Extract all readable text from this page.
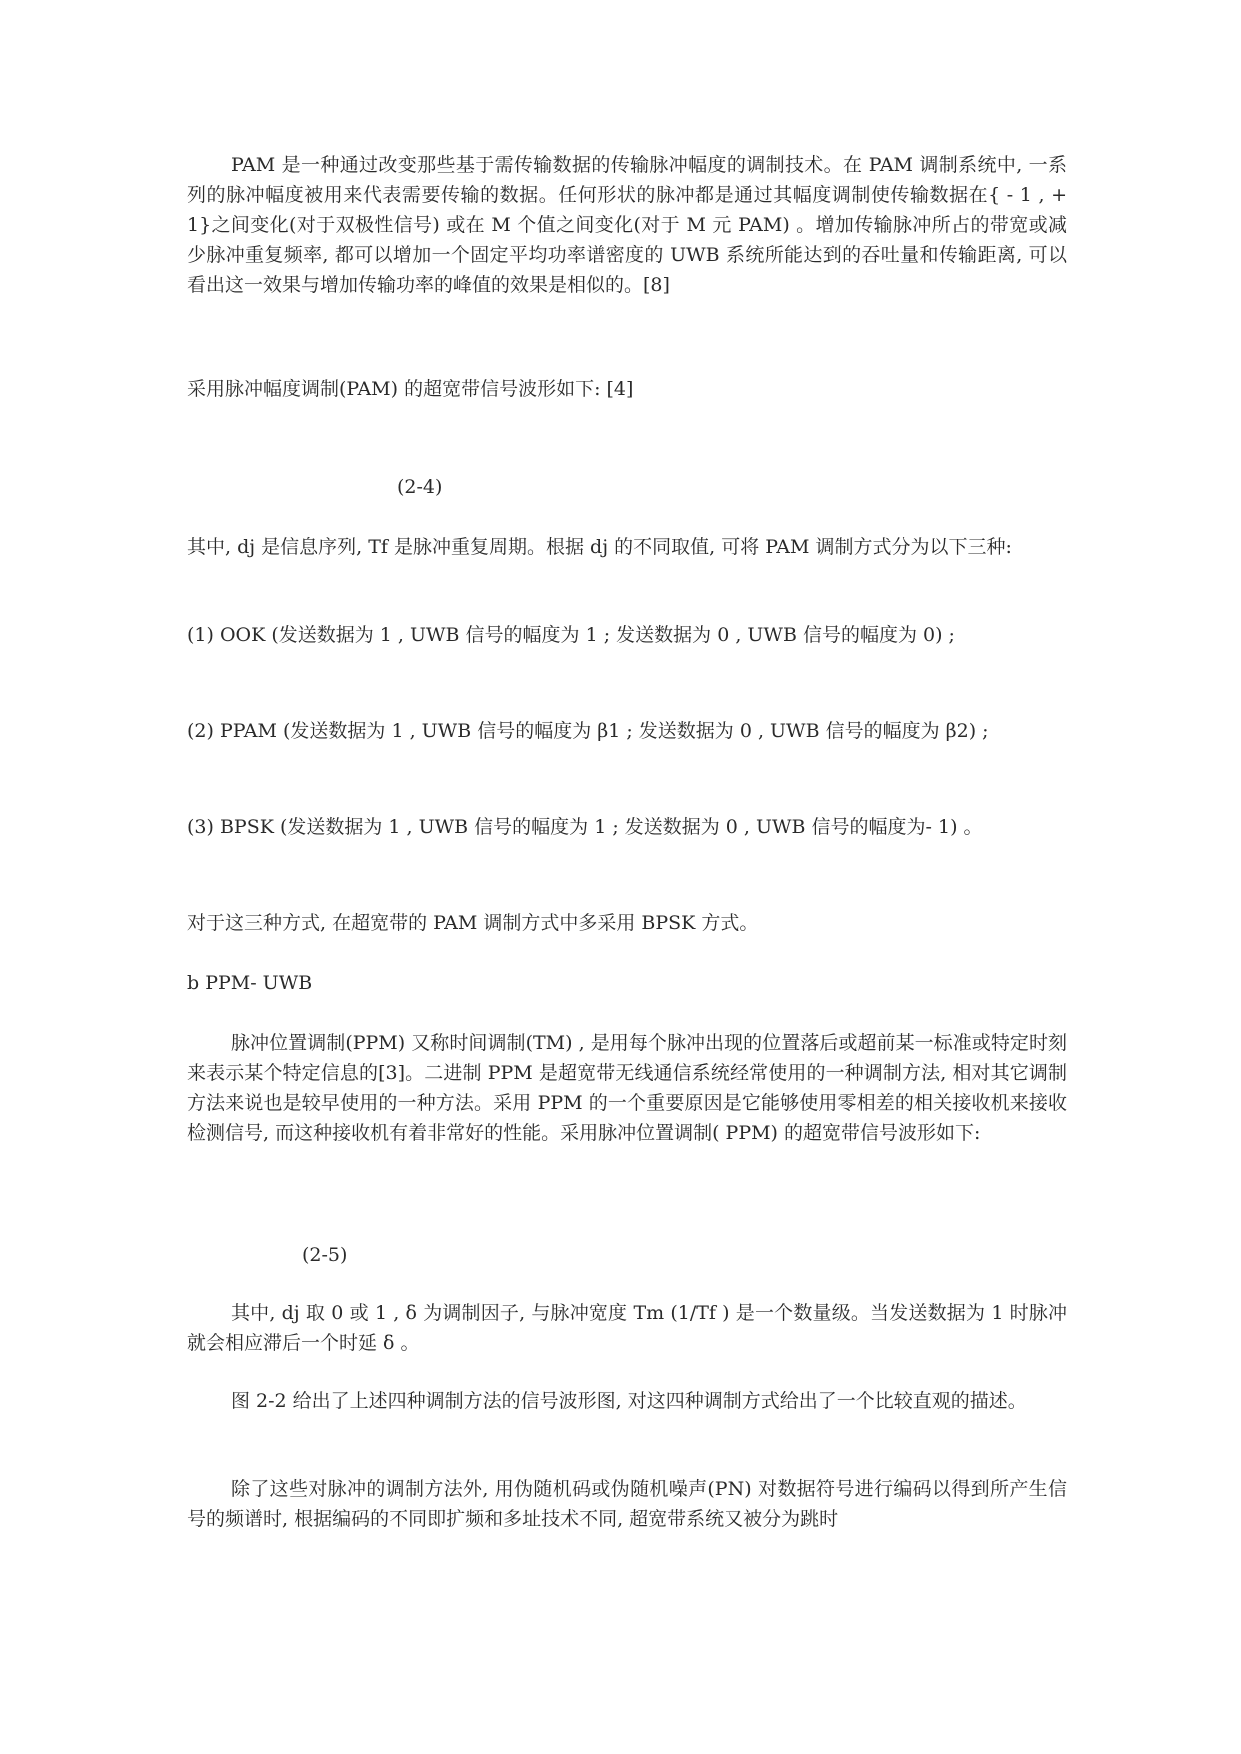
PAM 是一种通过改变那些基于需传输数据的传输脉冲幅度的调制技术。在 PAM 调制系统中, 一系列的脉冲幅度被用来代表需要传输的数据。任何形状的脉冲都是通过其幅度调制使传输数据在{ - 1 , + 1}之间变化(对于双极性信号) 或在 M 个值之间变化(对于 M 元 PAM) 。增加传输脉冲所占的带宽或减少脉冲重复频率, 都可以增加一个固定平均功率谱密度的 UWB 系统所能达到的吞吐量和传输距离, 可以看出这一效果与增加传输功率的峰值的效果是相似的。[8]

采用脉冲幅度调制(PAM) 的超宽带信号波形如下: [4]

(2-4)

其中, dj 是信息序列, Tf 是脉冲重复周期。根据 dj 的不同取值, 可将 PAM 调制方式分为以下三种:

(1) OOK (发送数据为 1 , UWB 信号的幅度为 1 ; 发送数据为 0 , UWB 信号的幅度为 0) ;
(2) PPAM (发送数据为 1 , UWB 信号的幅度为 β1 ; 发送数据为 0 , UWB 信号的幅度为 β2) ;
(3) BPSK (发送数据为 1 , UWB 信号的幅度为 1 ; 发送数据为 0 , UWB 信号的幅度为- 1) 。

对于这三种方式, 在超宽带的 PAM 调制方式中多采用 BPSK 方式。

b PPM- UWB

脉冲位置调制(PPM) 又称时间调制(TM) , 是用每个脉冲出现的位置落后或超前某一标准或特定时刻来表示某个特定信息的[3]。二进制 PPM 是超宽带无线通信系统经常使用的一种调制方法, 相对其它调制方法来说也是较早使用的一种方法。采用 PPM 的一个重要原因是它能够使用零相差的相关接收机来接收检测信号, 而这种接收机有着非常好的性能。采用脉冲位置调制( PPM) 的超宽带信号波形如下:

(2-5)

其中, dj 取 0 或 1 , δ 为调制因子, 与脉冲宽度 Tm (1/Tf ) 是一个数量级。当发送数据为 1 时脉冲就会相应滞后一个时延 δ 。

图 2-2 给出了上述四种调制方法的信号波形图, 对这四种调制方式给出了一个比较直观的描述。

除了这些对脉冲的调制方法外, 用伪随机码或伪随机噪声(PN) 对数据符号进行编码以得到所产生信号的频谱时, 根据编码的不同即扩频和多址技术不同, 超宽带系统又被分为跳时
